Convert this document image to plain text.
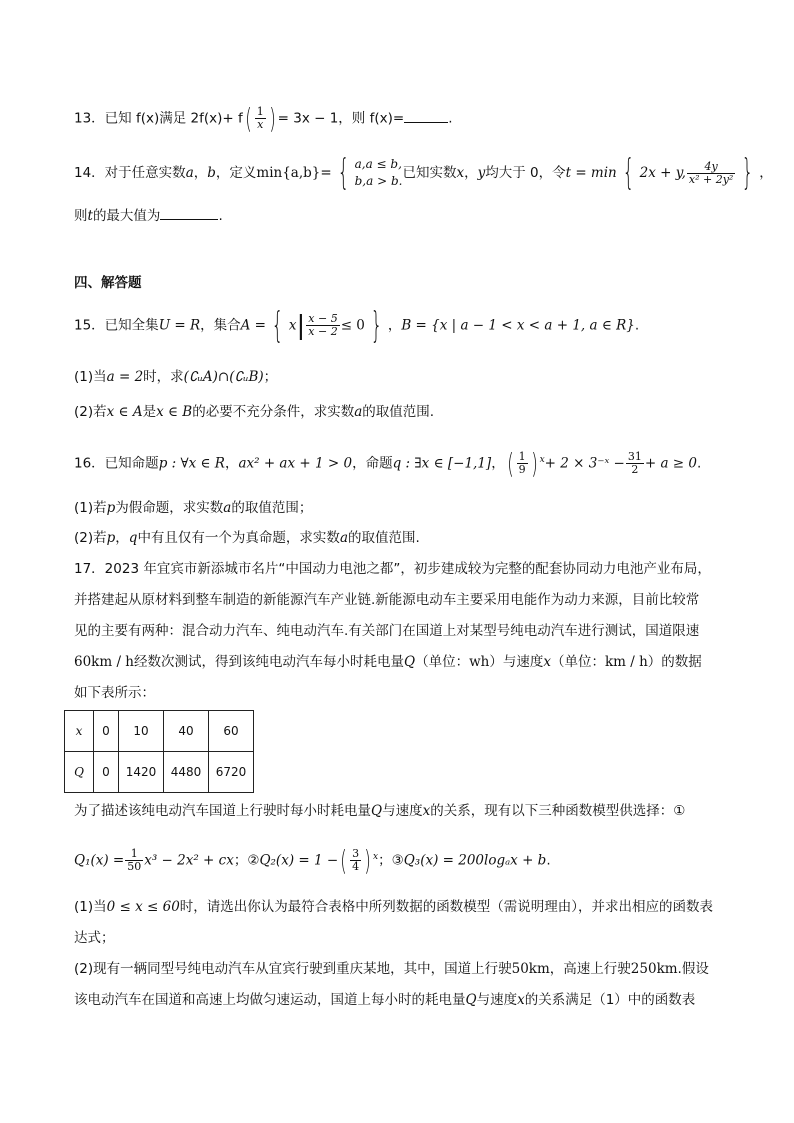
13．已知 f(x)满足 $2f(x)+ f( \frac{1}{x}$ ) = 3x − 1，则 f(x)=	.
14．对于任意实数a，b，定义min{a,b}= { a,a ≤ b,
b,a > b. 已知实数x，y均大于 0，令t = min { 2x + y, $\frac{4y}{\text{x² + 2y²}}$ } ，
则t的最大值为	.
四、解答题
15．已知全集U = R，集合A = { $x| \frac{x - 5}{x - 2} \le 0$ } ，B = {x | a − 1 < x < a + 1, a ∈ R}.
(1)当a = 2时，求(∁ᵤA)∩(∁ᵤB)；
(2)若x ∈ A是x ∈ B的必要不充分条件，求实数a的取值范围.
16．已知命题p : ∀x ∈ R，ax² + ax + 1 > 0，命题q : ∃x ∈ [−1,1]，( $\frac{1}{9}$ ) $^x$+ 2 × 3⁻ˣ − $\frac{31}{2} + a \ge 0$.
(1)若p为假命题，求实数a的取值范围；
(2)若p，q中有且仅有一个为真命题，求实数a的取值范围.
17．2023 年宜宾市新添城市名片“中国动力电池之都”，初步建成较为完整的配套协同动力电池产业布局，
并搭建起从原材料到整车制造的新能源汽车产业链.新能源电动车主要采用电能作为动力来源，目前比较常
见的主要有两种：混合动力汽车、纯电动汽车.有关部门在国道上对某型号纯电动汽车进行测试，国道限速
60km / h经数次测试，得到该纯电动汽车每小时耗电量Q（单位：wh）与速度x（单位：km / h）的数据
如下表所示：
x	0	10	40	60
Q	0	1420	4480	6720
为了描述该纯电动汽车国道上行驶时每小时耗电量Q与速度x的关系，现有以下三种函数模型供选择：①
$Q_1(x) = \frac{1}{50} x^3 - 2x^2$ + cx；②Q₂(x) = 1 −( $\frac{3}{4}$ ) $^x$；③Q₃(x) = 200logₐx + b.
(1)当0 ≤ x ≤ 60时，请选出你认为最符合表格中所列数据的函数模型（需说明理由），并求出相应的函数表
达式；
(2)现有一辆同型号纯电动汽车从宜宾行驶到重庆某地，其中，国道上行驶50km，高速上行驶250km.假设
该电动汽车在国道和高速上均做匀速运动，国道上每小时的耗电量Q与速度x的关系满足（1）中的函数表
